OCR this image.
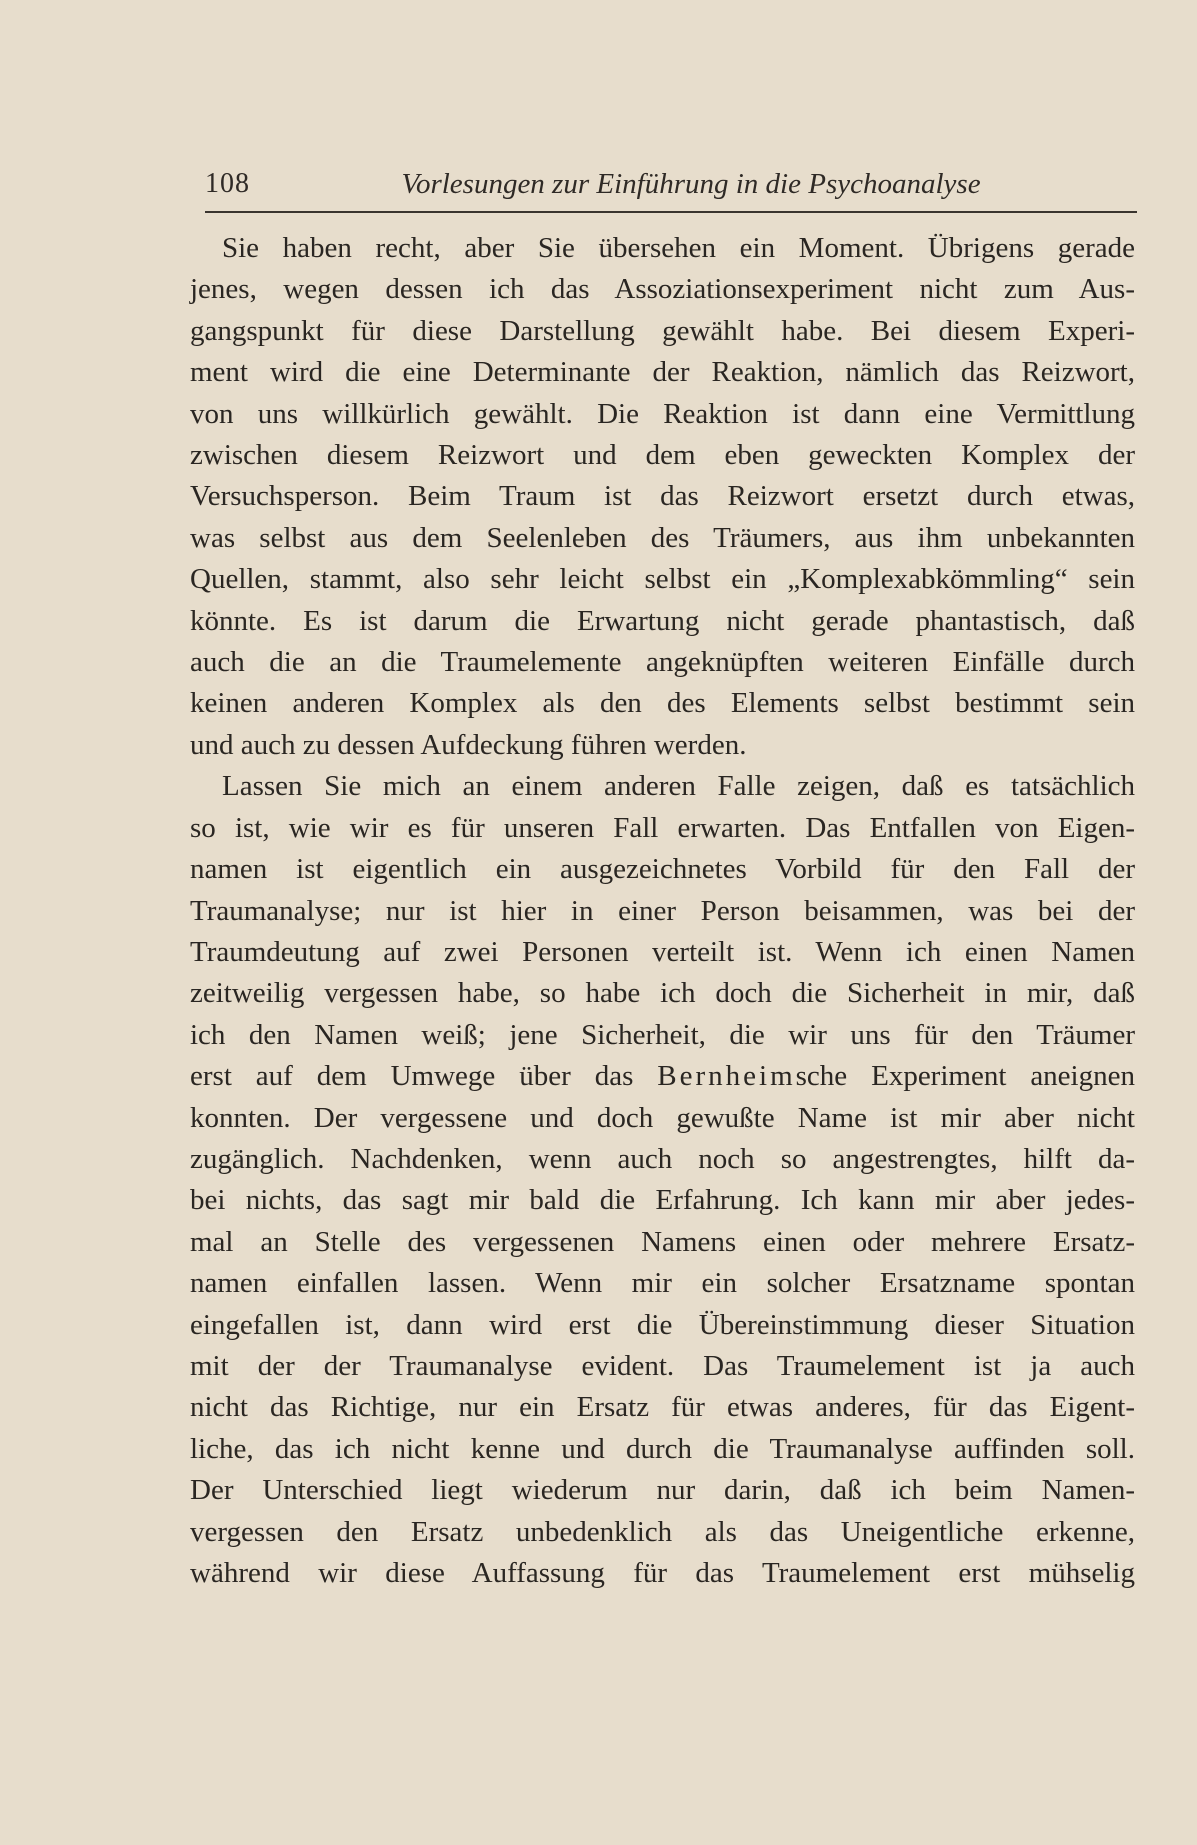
108	Vorlesungen zur Einführung in die Psychoanalyse
Sie haben recht, aber Sie übersehen ein Moment. Übrigens gerade
jenes, wegen dessen ich das Assoziationsexperiment nicht zum Aus-
gangspunkt für diese Darstellung gewählt habe. Bei diesem Experi-
ment wird die eine Determinante der Reaktion, nämlich das Reizwort,
von uns willkürlich gewählt. Die Reaktion ist dann eine Vermittlung
zwischen diesem Reizwort und dem eben geweckten Komplex der
Versuchsperson. Beim Traum ist das Reizwort ersetzt durch etwas,
was selbst aus dem Seelenleben des Träumers, aus ihm unbekannten
Quellen, stammt, also sehr leicht selbst ein „Komplexabkömmling“ sein
könnte. Es ist darum die Erwartung nicht gerade phantastisch, daß
auch die an die Traumelemente angeknüpften weiteren Einfälle durch
keinen anderen Komplex als den des Elements selbst bestimmt sein
und auch zu dessen Aufdeckung führen werden.
Lassen Sie mich an einem anderen Falle zeigen, daß es tatsächlich
so ist, wie wir es für unseren Fall erwarten. Das Entfallen von Eigen-
namen ist eigentlich ein ausgezeichnetes Vorbild für den Fall der
Traumanalyse; nur ist hier in einer Person beisammen, was bei der
Traumdeutung auf zwei Personen verteilt ist. Wenn ich einen Namen
zeitweilig vergessen habe, so habe ich doch die Sicherheit in mir, daß
ich den Namen weiß; jene Sicherheit, die wir uns für den Träumer
erst auf dem Umwege über das Bernheimsche Experiment aneignen
konnten. Der vergessene und doch gewußte Name ist mir aber nicht
zugänglich. Nachdenken, wenn auch noch so angestrengtes, hilft da-
bei nichts, das sagt mir bald die Erfahrung. Ich kann mir aber jedes-
mal an Stelle des vergessenen Namens einen oder mehrere Ersatz-
namen einfallen lassen. Wenn mir ein solcher Ersatzname spontan
eingefallen ist, dann wird erst die Übereinstimmung dieser Situation
mit der der Traumanalyse evident. Das Traumelement ist ja auch
nicht das Richtige, nur ein Ersatz für etwas anderes, für das Eigent-
liche, das ich nicht kenne und durch die Traumanalyse auffinden soll.
Der Unterschied liegt wiederum nur darin, daß ich beim Namen-
vergessen den Ersatz unbedenklich als das Uneigentliche erkenne,
während wir diese Auffassung für das Traumelement erst mühselig
